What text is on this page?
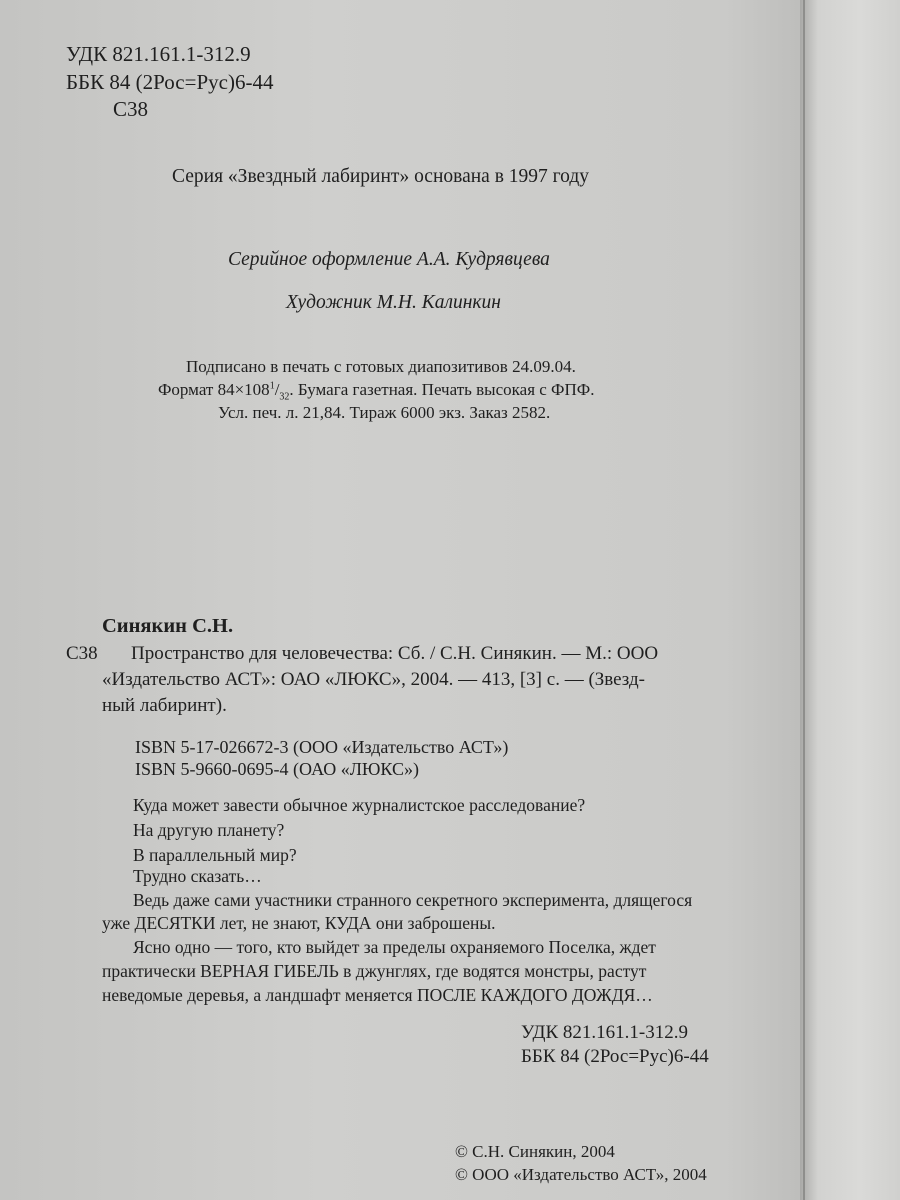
УДК 821.161.1-312.9
ББК 84 (2Рос=Рус)6-44
С38
Серия «Звездный лабиринт» основана в 1997 году
Серийное оформление А.А. Кудрявцева
Художник М.Н. Калинкин
Подписано в печать с готовых диапозитивов 24.09.04.
Формат $84\times 108^1/_{32}$. Бумага газетная. Печать высокая с ФПФ.
Усл. печ. л. 21,84. Тираж 6000 экз. Заказ 2582.
Синякин С.Н.
С38 Пространство для человечества: Сб. / С.Н. Синякин. — М.: ООО
«Издательство АСТ»: ОАО «ЛЮКС», 2004. — 413, [3] с. — (Звезд-
ный лабиринт).
ISBN 5-17-026672-3 (ООО «Издательство АСТ»)
ISBN 5-9660-0695-4 (ОАО «ЛЮКС»)
Куда может завести обычное журналистское расследование?
На другую планету?
В параллельный мир?
Трудно сказать…
Ведь даже сами участники странного секретного эксперимента, длящегося
уже ДЕСЯТКИ лет, не знают, КУДА они заброшены.
Ясно одно — того, кто выйдет за пределы охраняемого Поселка, ждет
практически ВЕРНАЯ ГИБЕЛЬ в джунглях, где водятся монстры, растут
неведомые деревья, а ландшафт меняется ПОСЛЕ КАЖДОГО ДОЖДЯ…
УДК 821.161.1-312.9
ББК 84 (2Рос=Рус)6-44
© С.Н. Синякин, 2004
© ООО «Издательство АСТ», 2004
